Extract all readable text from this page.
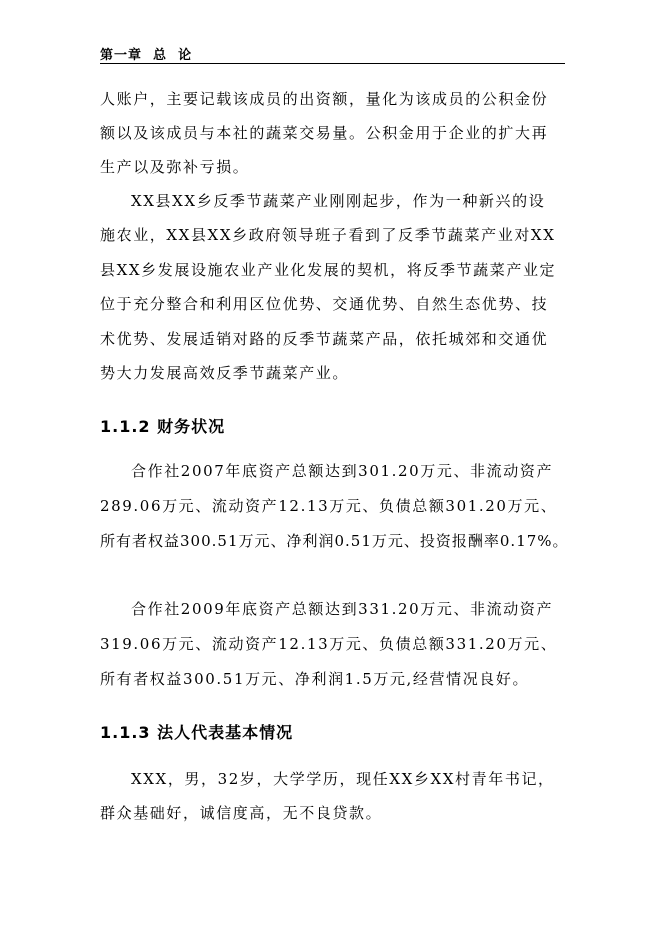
第一章  总  论
人账户，主要记载该成员的出资额，量化为该成员的公积金份
额以及该成员与本社的蔬菜交易量。公积金用于企业的扩大再
生产以及弥补亏损。
XX县XX乡反季节蔬菜产业刚刚起步，作为一种新兴的设
施农业，XX县XX乡政府领导班子看到了反季节蔬菜产业对XX
县XX乡发展设施农业产业化发展的契机，将反季节蔬菜产业定
位于充分整合和利用区位优势、交通优势、自然生态优势、技
术优势、发展适销对路的反季节蔬菜产品，依托城郊和交通优
势大力发展高效反季节蔬菜产业。
1.1.2 财务状况
合作社2007年底资产总额达到301.20万元、非流动资产
289.06万元、流动资产12.13万元、负债总额301.20万元、
所有者权益300.51万元、净利润0.51万元、投资报酬率0.17%。
合作社2009年底资产总额达到331.20万元、非流动资产
319.06万元、流动资产12.13万元、负债总额331.20万元、
所有者权益300.51万元、净利润1.5万元,经营情况良好。
1.1.3 法人代表基本情况
XXX，男，32岁，大学学历，现任XX乡XX村青年书记，
群众基础好，诚信度高，无不良贷款。
